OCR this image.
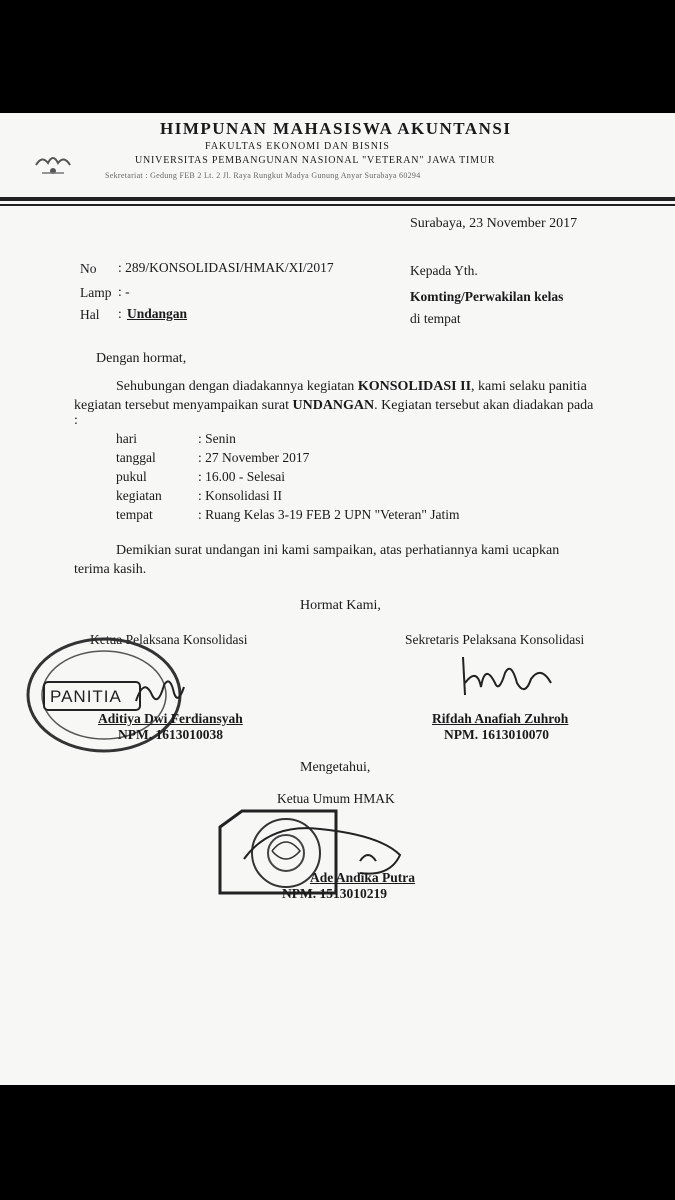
HIMPUNAN MAHASISWA AKUNTANSI
FAKULTAS EKONOMI DAN BISNIS
UNIVERSITAS PEMBANGUNAN NASIONAL "VETERAN" JAWA TIMUR
Sekretariat : Gedung FEB 2 Lt. 2 Jl. Raya Rungkut Madya Gunung Anyar Surabaya 60294
Surabaya, 23 November 2017
No : 289/KONSOLIDASI/HMAK/XI/2017
Lamp : -
Hal : Undangan
Kepada Yth.
Komting/Perwakilan kelas
di tempat
Dengan hormat,
Sehubungan dengan diadakannya kegiatan KONSOLIDASI II, kami selaku panitia
kegiatan tersebut menyampaikan surat UNDANGAN. Kegiatan tersebut akan diadakan pada
:
hari	: Senin
tanggal	: 27 November 2017
pukul	: 16.00 - Selesai
kegiatan	: Konsolidasi II
tempat	: Ruang Kelas 3-19 FEB 2 UPN "Veteran" Jatim
Demikian surat undangan ini kami sampaikan, atas perhatiannya kami ucapkan
terima kasih.
Hormat Kami,
Ketua Pelaksana Konsolidasi	Sekretaris Pelaksana Konsolidasi
PANITIA
Aditiya Dwi Ferdiansyah
NPM. 1613010038
Rifdah Anafiah Zuhroh
NPM. 1613010070
Mengetahui,
Ketua Umum HMAK
Ade Andika Putra
NPM. 1513010219
